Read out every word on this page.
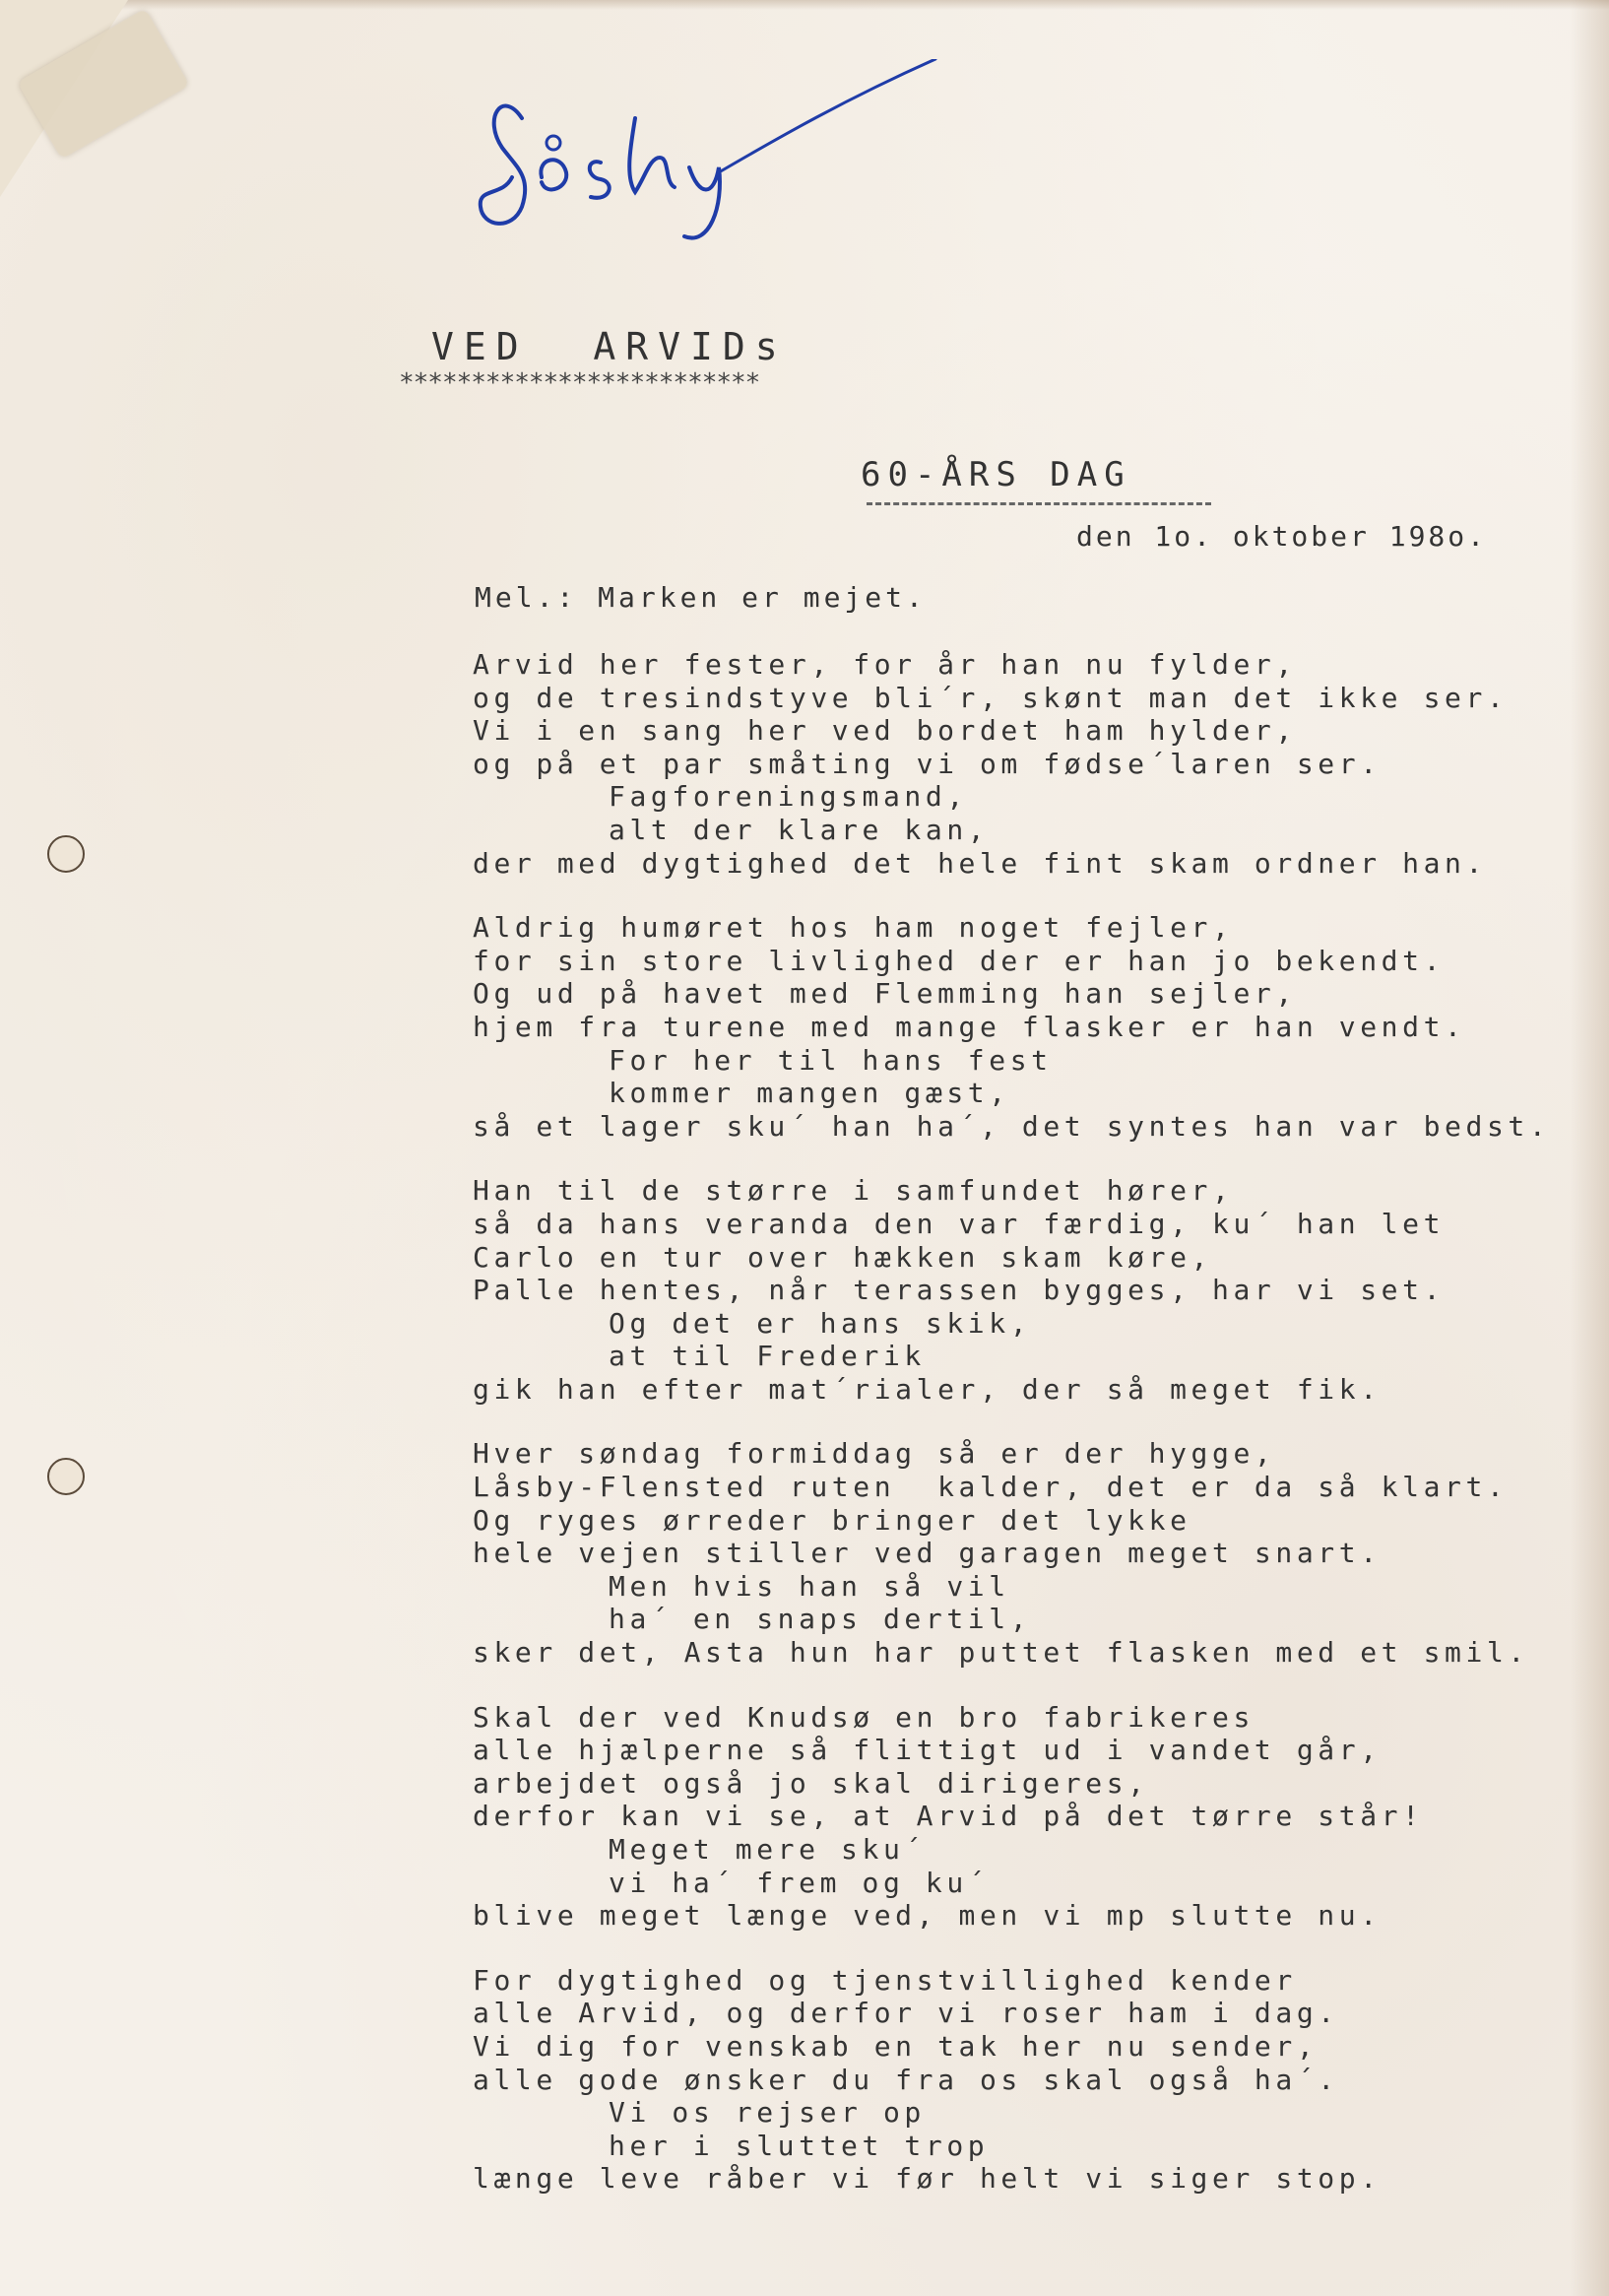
VED  ARVIDs
*************************
60-ÅRS DAG
den 1o. oktober 198o.
Mel.: Marken er mejet.
Arvid her fester, for år han nu fylder,
og de tresindstyve bli´r, skønt man det ikke ser.
Vi i en sang her ved bordet ham hylder,
og på et par småting vi om fødse´laren ser.
Fagforeningsmand,
alt der klare kan,
der med dygtighed det hele fint skam ordner han.
Aldrig humøret hos ham noget fejler,
for sin store livlighed der er han jo bekendt.
Og ud på havet med Flemming han sejler,
hjem fra turene med mange flasker er han vendt.
For her til hans fest
kommer mangen gæst,
så et lager sku´ han ha´, det syntes han var bedst.
Han til de større i samfundet hører,
så da hans veranda den var færdig, ku´ han let
Carlo en tur over hækken skam køre,
Palle hentes, når terassen bygges, har vi set.
Og det er hans skik,
at til Frederik
gik han efter mat´rialer, der så meget fik.
Hver søndag formiddag så er der hygge,
Låsby-Flensted ruten  kalder, det er da så klart.
Og ryges ørreder bringer det lykke
hele vejen stiller ved garagen meget snart.
Men hvis han så vil
ha´ en snaps dertil,
sker det, Asta hun har puttet flasken med et smil.
Skal der ved Knudsø en bro fabrikeres
alle hjælperne så flittigt ud i vandet går,
arbejdet også jo skal dirigeres,
derfor kan vi se, at Arvid på det tørre står!
Meget mere sku´
vi ha´ frem og ku´
blive meget længe ved, men vi mp slutte nu.
For dygtighed og tjenstvillighed kender
alle Arvid, og derfor vi roser ham i dag.
Vi dig for venskab en tak her nu sender,
alle gode ønsker du fra os skal også ha´.
Vi os rejser op
her i sluttet trop
længe leve råber vi før helt vi siger stop.
